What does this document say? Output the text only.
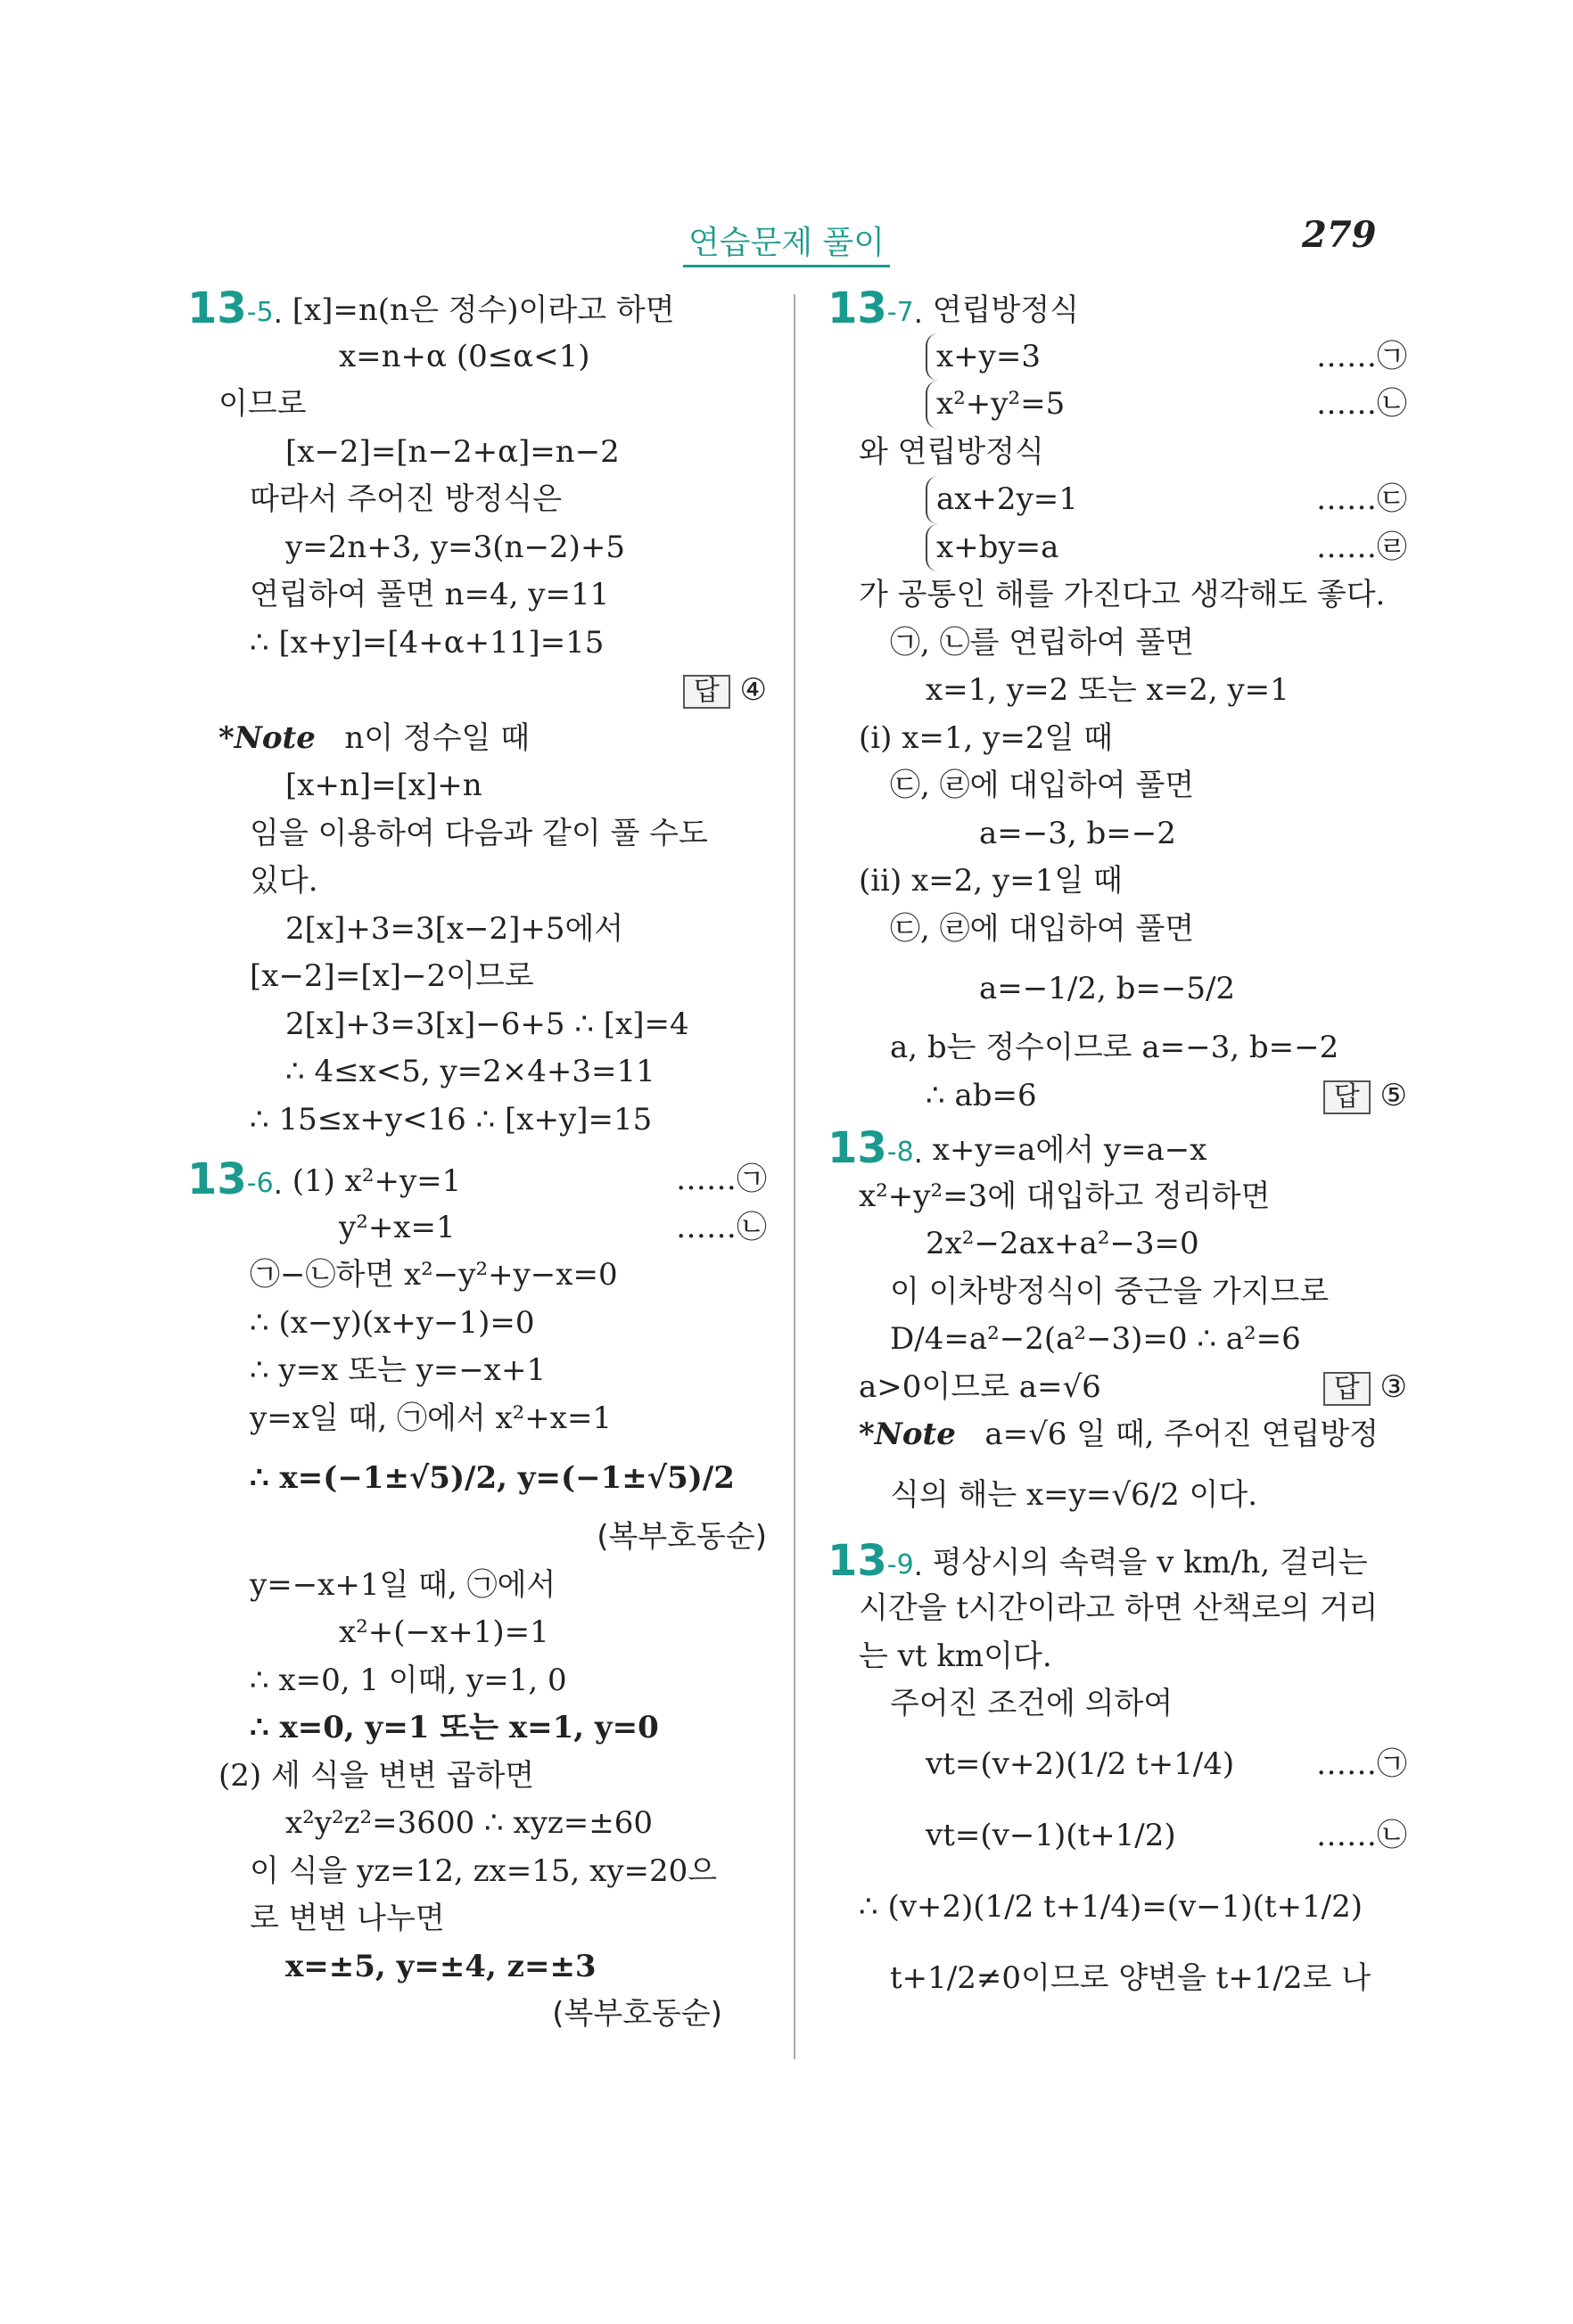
연습문제 풀이	279
13-5. [x]=n(n은 정수)이라고 하면
x=n+α (0≤α<1)
이므로
[x−2]=[n−2+α]=n−2
따라서 주어진 방정식은
y=2n+3, y=3(n−2)+5
연립하여 풀면 n=4, y=11
∴ [x+y]=[4+α+11]=15
답 ④
*Note n이 정수일 때
[x+n]=[x]+n
임을 이용하여 다음과 같이 풀 수도
있다.
2[x]+3=3[x−2]+5에서
[x−2]=[x]−2이므로
2[x]+3=3[x]−6+5 ∴ [x]=4
∴ 4≤x<5, y=2×4+3=11
∴ 15≤x+y<16 ∴ [x+y]=15
13-6. (1) x²+y=1	……㉠
y²+x=1	……㉡
㉠−㉡하면 x²−y²+y−x=0
∴ (x−y)(x+y−1)=0
∴ y=x 또는 y=−x+1
y=x일 때, ㉠에서 x²+x=1
∴ x=(−1±√5)/2, y=(−1±√5)/2
(복부호동순)
y=−x+1일 때, ㉠에서
x²+(−x+1)=1
∴ x=0, 1 이때, y=1, 0
∴ x=0, y=1 또는 x=1, y=0
(2) 세 식을 변변 곱하면
x²y²z²=3600 ∴ xyz=±60
이 식을 yz=12, zx=15, xy=20으
로 변변 나누면
x=±5, y=±4, z=±3
(복부호동순)
13-7. 연립방정식
x+y=3	……㉠
x²+y²=5	……㉡
와 연립방정식
ax+2y=1	……㉢
x+by=a	……㉣
가 공통인 해를 가진다고 생각해도 좋다.
㉠, ㉡를 연립하여 풀면
x=1, y=2 또는 x=2, y=1
(i) x=1, y=2일 때
㉢, ㉣에 대입하여 풀면
a=−3, b=−2
(ii) x=2, y=1일 때
㉢, ㉣에 대입하여 풀면
a=−1/2, b=−5/2
a, b는 정수이므로 a=−3, b=−2
∴ ab=6	답 ⑤
13-8. x+y=a에서 y=a−x
x²+y²=3에 대입하고 정리하면
2x²−2ax+a²−3=0
이 이차방정식이 중근을 가지므로
D/4=a²−2(a²−3)=0 ∴ a²=6
a>0이므로 a=√6	답 ③
*Note a=√6 일 때, 주어진 연립방정
식의 해는 x=y=√6/2 이다.
13-9. 평상시의 속력을 v km/h, 걸리는
시간을 t시간이라고 하면 산책로의 거리
는 vt km이다.
주어진 조건에 의하여
vt=(v+2)(1/2 t+1/4)	……㉠
vt=(v−1)(t+1/2)	……㉡
∴ (v+2)(1/2 t+1/4)=(v−1)(t+1/2)
t+1/2≠0이므로 양변을 t+1/2로 나
